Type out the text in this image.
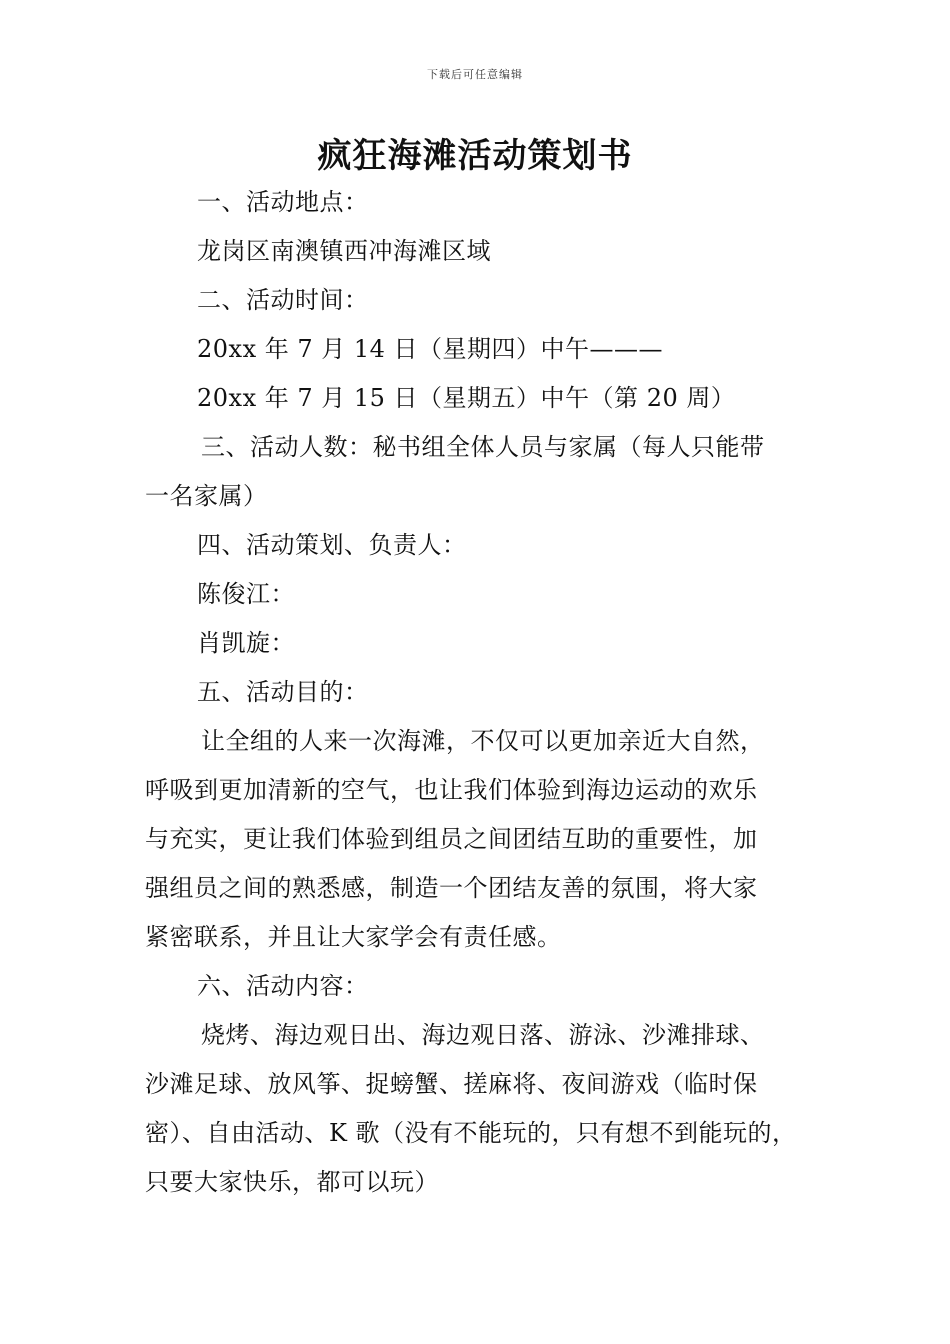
下载后可任意编辑
疯狂海滩活动策划书
一、活动地点：
龙岗区南澳镇西冲海滩区域
二、活动时间：
20xx 年 7 月 14 日（星期四）中午———
20xx 年 7 月 15 日（星期五）中午（第 20 周）
三、活动人数：秘书组全体人员与家属（每人只能带
一名家属）
四、活动策划、负责人：
陈俊江：
肖凯旋：
五、活动目的：
让全组的人来一次海滩，不仅可以更加亲近大自然，
呼吸到更加清新的空气，也让我们体验到海边运动的欢乐
与充实，更让我们体验到组员之间团结互助的重要性，加
强组员之间的熟悉感，制造一个团结友善的氛围，将大家
紧密联系，并且让大家学会有责任感。
六、活动内容：
烧烤、海边观日出、海边观日落、游泳、沙滩排球、
沙滩足球、放风筝、捉螃蟹、搓麻将、夜间游戏（临时保
密）、自由活动、K 歌（没有不能玩的，只有想不到能玩的，
只要大家快乐，都可以玩）
